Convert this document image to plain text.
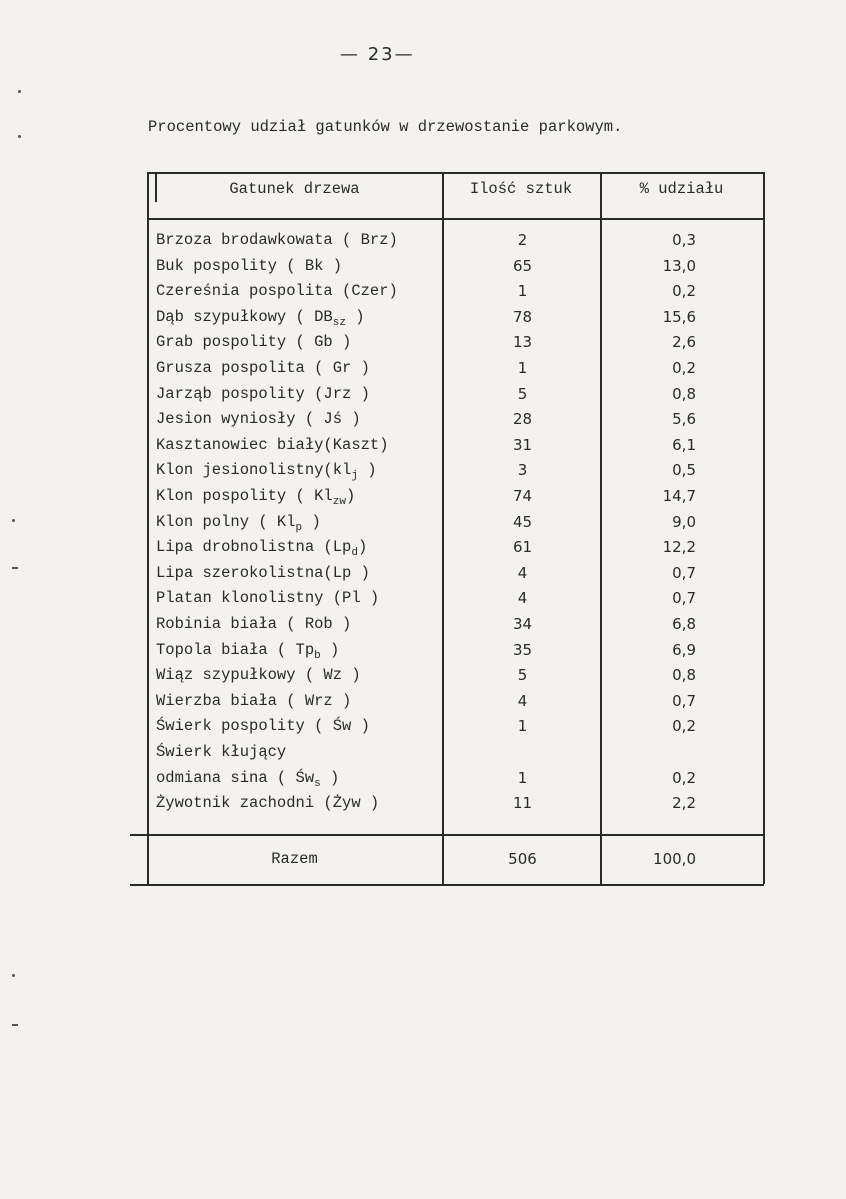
— 23—
Procentowy udział gatunków w drzewostanie parkowym.
Gatunek drzewa	Ilość sztuk	% udziału
Brzoza brodawkowata ( Brz)	2	0,3
Buk pospolity ( Bk )	65	13,0
Czereśnia pospolita (Czer)	1	0,2
Dąb szypułkowy ( $DB_{sz}$ )	78	15,6
Grab pospolity ( Gb )	13	2,6
Grusza pospolita ( Gr )	1	0,2
Jarząb pospolity (Jrz )	5	0,8
Jesion wyniosły ( Jś )	28	5,6
Kasztanowiec biały(Kaszt)	31	6,1
Klon $jesionolistny(kl_j$ )	3	0,5
Klon pospolity ( $Kl_{zw}$)	74	14,7
Klon polny ( $Kl_p$ )	45	9,0
Lipa drobnolistna $(Lp_d)$	61	12,2
Lipa szerokolistna(Lp )	4	0,7
Platan klonolistny (Pl )	4	0,7
Robinia biała ( Rob )	34	6,8
Topola biała ( $Tp_b$ )	35	6,9
Wiąz szypułkowy ( Wz )	5	0,8
Wierzba biała ( Wrz )	4	0,7
Świerk pospolity ( Św )	1	0,2
Świerk kłujący
odmiana sina ( $Św_s$ )	1	0,2
Żywotnik zachodni (Żyw )	11	2,2
Razem	506	100,0
